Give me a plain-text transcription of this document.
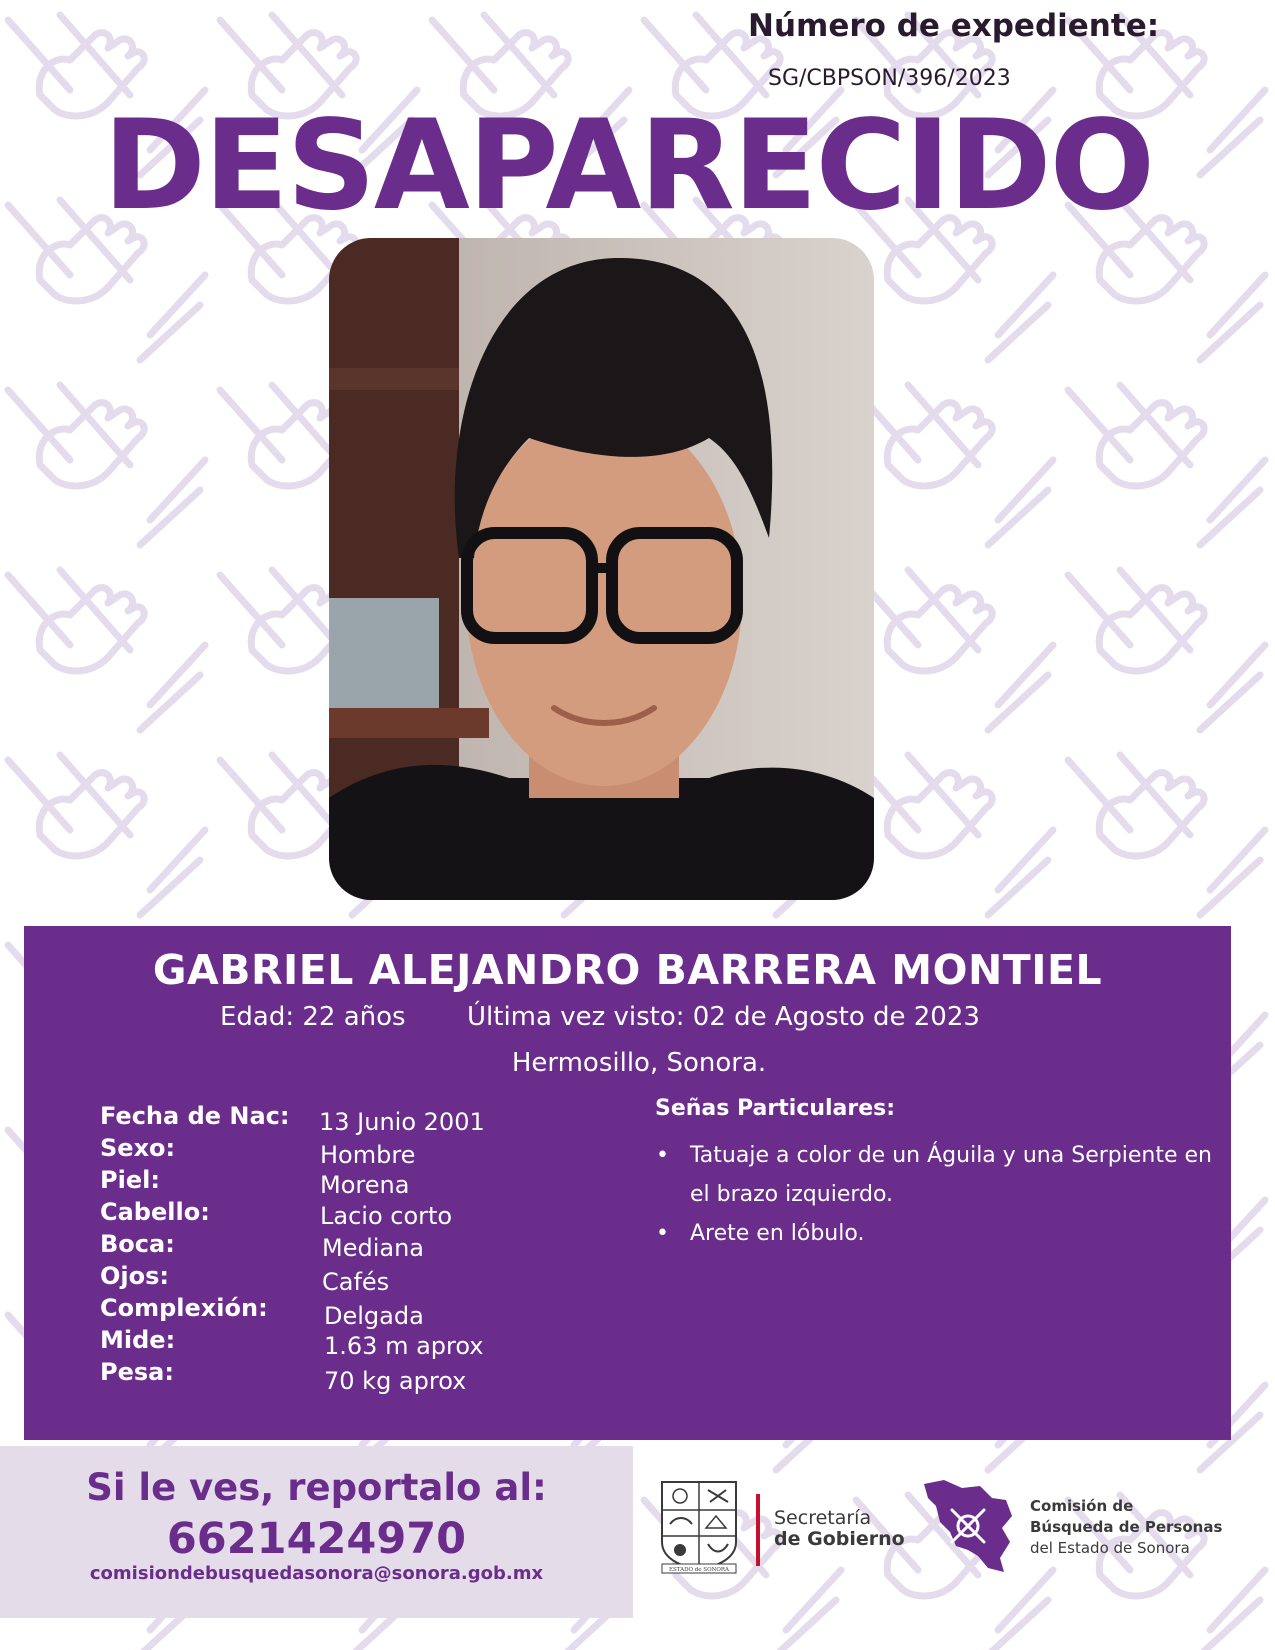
Número de expediente:
SG/CBPSON/396/2023
DESAPARECIDO
GABRIEL ALEJANDRO BARRERA MONTIEL
Edad: 22 años Última vez visto: 02 de Agosto de 2023
Hermosillo, Sonora.
Fecha de Nac: 13 Junio 2001
Sexo:	Hombre
Piel:	Morena
Cabello:	Lacio corto
Boca:	Mediana
Ojos:	Cafés
Complexión: Delgada
Mide:	1.63 m aprox
Pesa:	70 kg aprox
Señas Particulares:
• Tatuaje a color de un Águila y una Serpiente en el brazo izquierdo.
• Arete en lóbulo.
Si le ves, reportalo al:
6621424970
comisiondebusquedasonora@sonora.gob.mx	ESTADO de SONORA
Secretaría
de Gobierno
Comisión de
Búsqueda de Personas
del Estado de Sonora
